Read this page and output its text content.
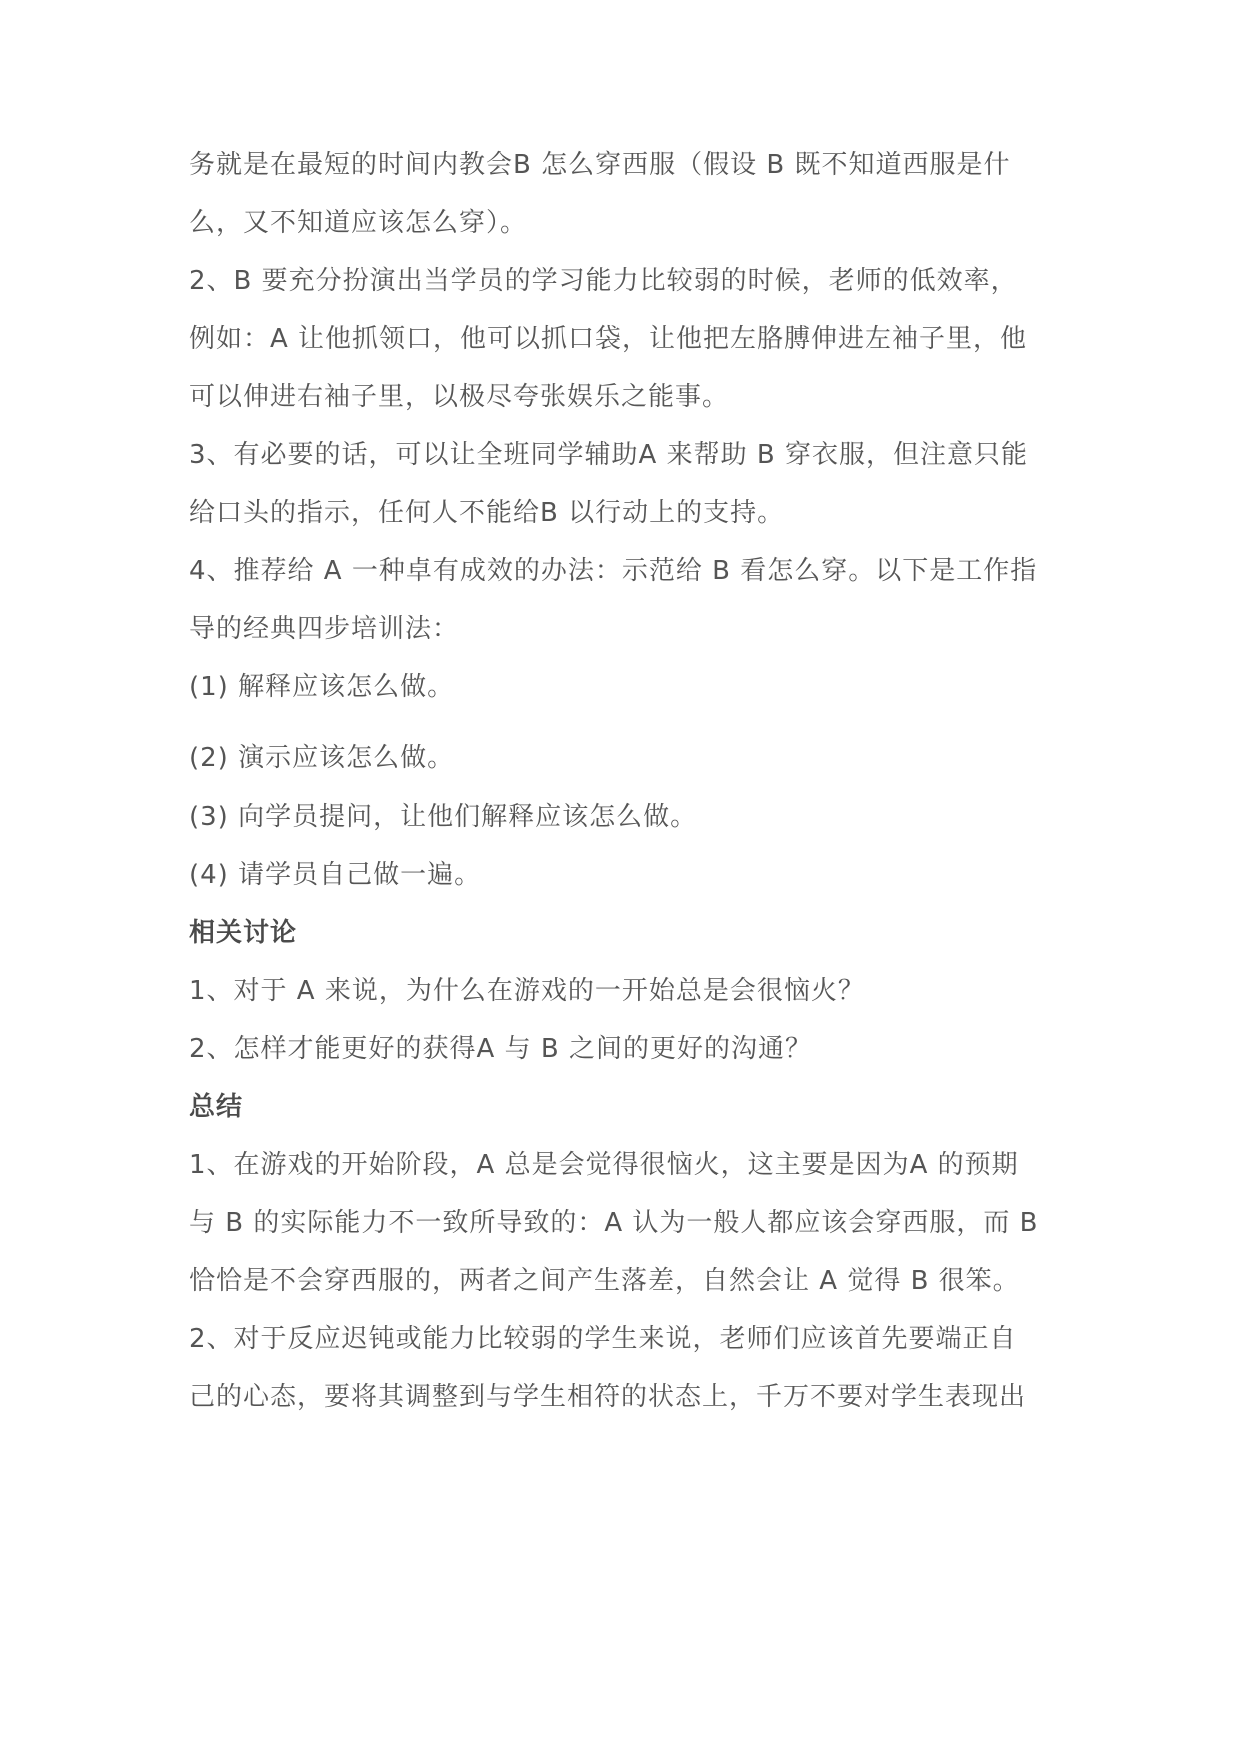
务就是在最短的时间内教会B 怎么穿西服（假设 B 既不知道西服是什
么，又不知道应该怎么穿）。
2、B 要充分扮演出当学员的学习能力比较弱的时候，老师的低效率，
例如：A 让他抓领口，他可以抓口袋，让他把左胳膊伸进左袖子里，他
可以伸进右袖子里，以极尽夸张娱乐之能事。
3、有必要的话，可以让全班同学辅助A 来帮助 B 穿衣服，但注意只能
给口头的指示，任何人不能给B 以行动上的支持。
4、推荐给 A 一种卓有成效的办法：示范给 B 看怎么穿。以下是工作指
导的经典四步培训法：
(1) 解释应该怎么做。
(2) 演示应该怎么做。
(3) 向学员提问，让他们解释应该怎么做。
(4) 请学员自己做一遍。
相关讨论
1、对于 A 来说，为什么在游戏的一开始总是会很恼火？
2、怎样才能更好的获得A 与 B 之间的更好的沟通？
总结
1、在游戏的开始阶段，A 总是会觉得很恼火，这主要是因为A 的预期
与 B 的实际能力不一致所导致的：A 认为一般人都应该会穿西服，而 B
恰恰是不会穿西服的，两者之间产生落差，自然会让 A 觉得 B 很笨。
2、对于反应迟钝或能力比较弱的学生来说，老师们应该首先要端正自
己的心态，要将其调整到与学生相符的状态上，千万不要对学生表现出
